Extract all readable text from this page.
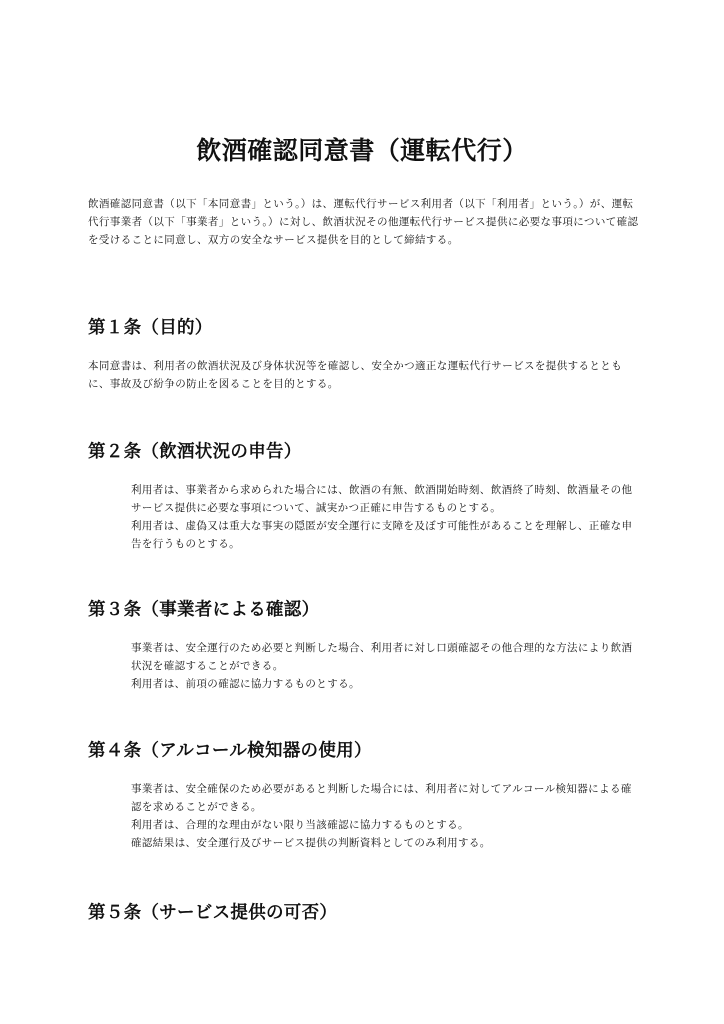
飲酒確認同意書（運転代行）

飲酒確認同意書（以下「本同意書」という。）は、運転代行サービス利用者（以下「利用者」という。）が、運転代行事業者（以下「事業者」という。）に対し、飲酒状況その他運転代行サービス提供に必要な事項について確認を受けることに同意し、双方の安全なサービス提供を目的として締結する。

第１条（目的）
本同意書は、利用者の飲酒状況及び身体状況等を確認し、安全かつ適正な運転代行サービスを提供するとともに、事故及び紛争の防止を図ることを目的とする。
第２条（飲酒状況の申告）
利用者は、事業者から求められた場合には、飲酒の有無、飲酒開始時刻、飲酒終了時刻、飲酒量その他サービス提供に必要な事項について、誠実かつ正確に申告するものとする。
利用者は、虚偽又は重大な事実の隠匿が安全運行に支障を及ぼす可能性があることを理解し、正確な申告を行うものとする。
第３条（事業者による確認）
事業者は、安全運行のため必要と判断した場合、利用者に対し口頭確認その他合理的な方法により飲酒状況を確認することができる。
利用者は、前項の確認に協力するものとする。
第４条（アルコール検知器の使用）
事業者は、安全確保のため必要があると判断した場合には、利用者に対してアルコール検知器による確認を求めることができる。
利用者は、合理的な理由がない限り当該確認に協力するものとする。
確認結果は、安全運行及びサービス提供の判断資料としてのみ利用する。
第５条（サービス提供の可否）
